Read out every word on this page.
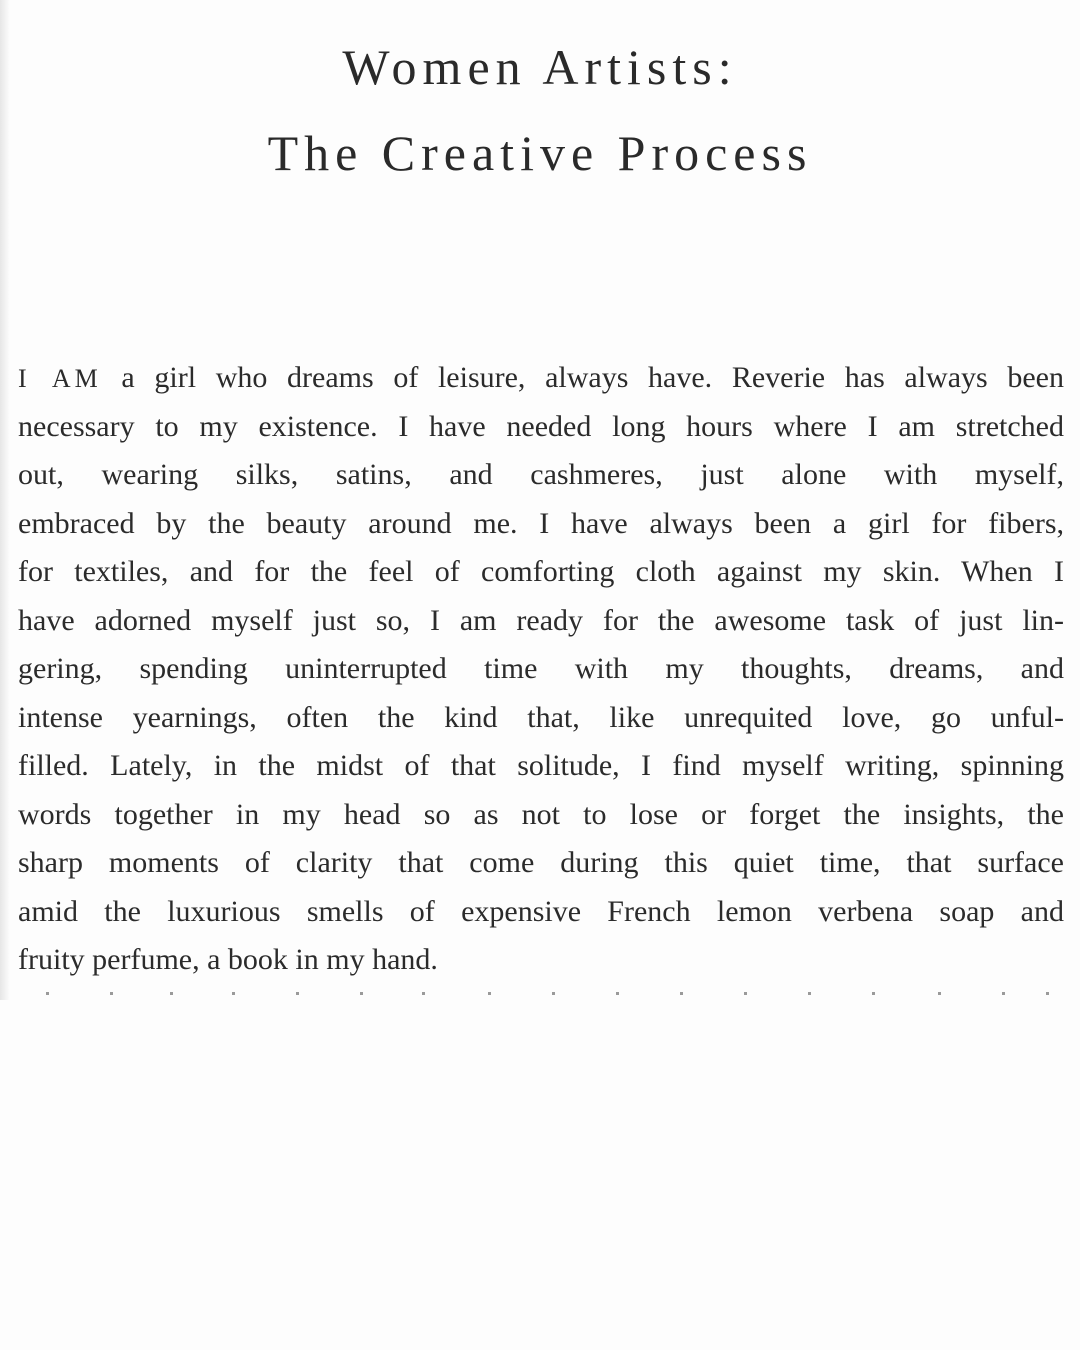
Women Artists:
The Creative Process

I AM a girl who dreams of leisure, always have. Reverie has always been
necessary to my existence. I have needed long hours where I am stretched
out, wearing silks, satins, and cashmeres, just alone with myself,
embraced by the beauty around me. I have always been a girl for fibers,
for textiles, and for the feel of comforting cloth against my skin. When I
have adorned myself just so, I am ready for the awesome task of just lin-
gering, spending uninterrupted time with my thoughts, dreams, and
intense yearnings, often the kind that, like unrequited love, go unful-
filled. Lately, in the midst of that solitude, I find myself writing, spinning
words together in my head so as not to lose or forget the insights, the
sharp moments of clarity that come during this quiet time, that surface
amid the luxurious smells of expensive French lemon verbena soap and
fruity perfume, a book in my hand.
